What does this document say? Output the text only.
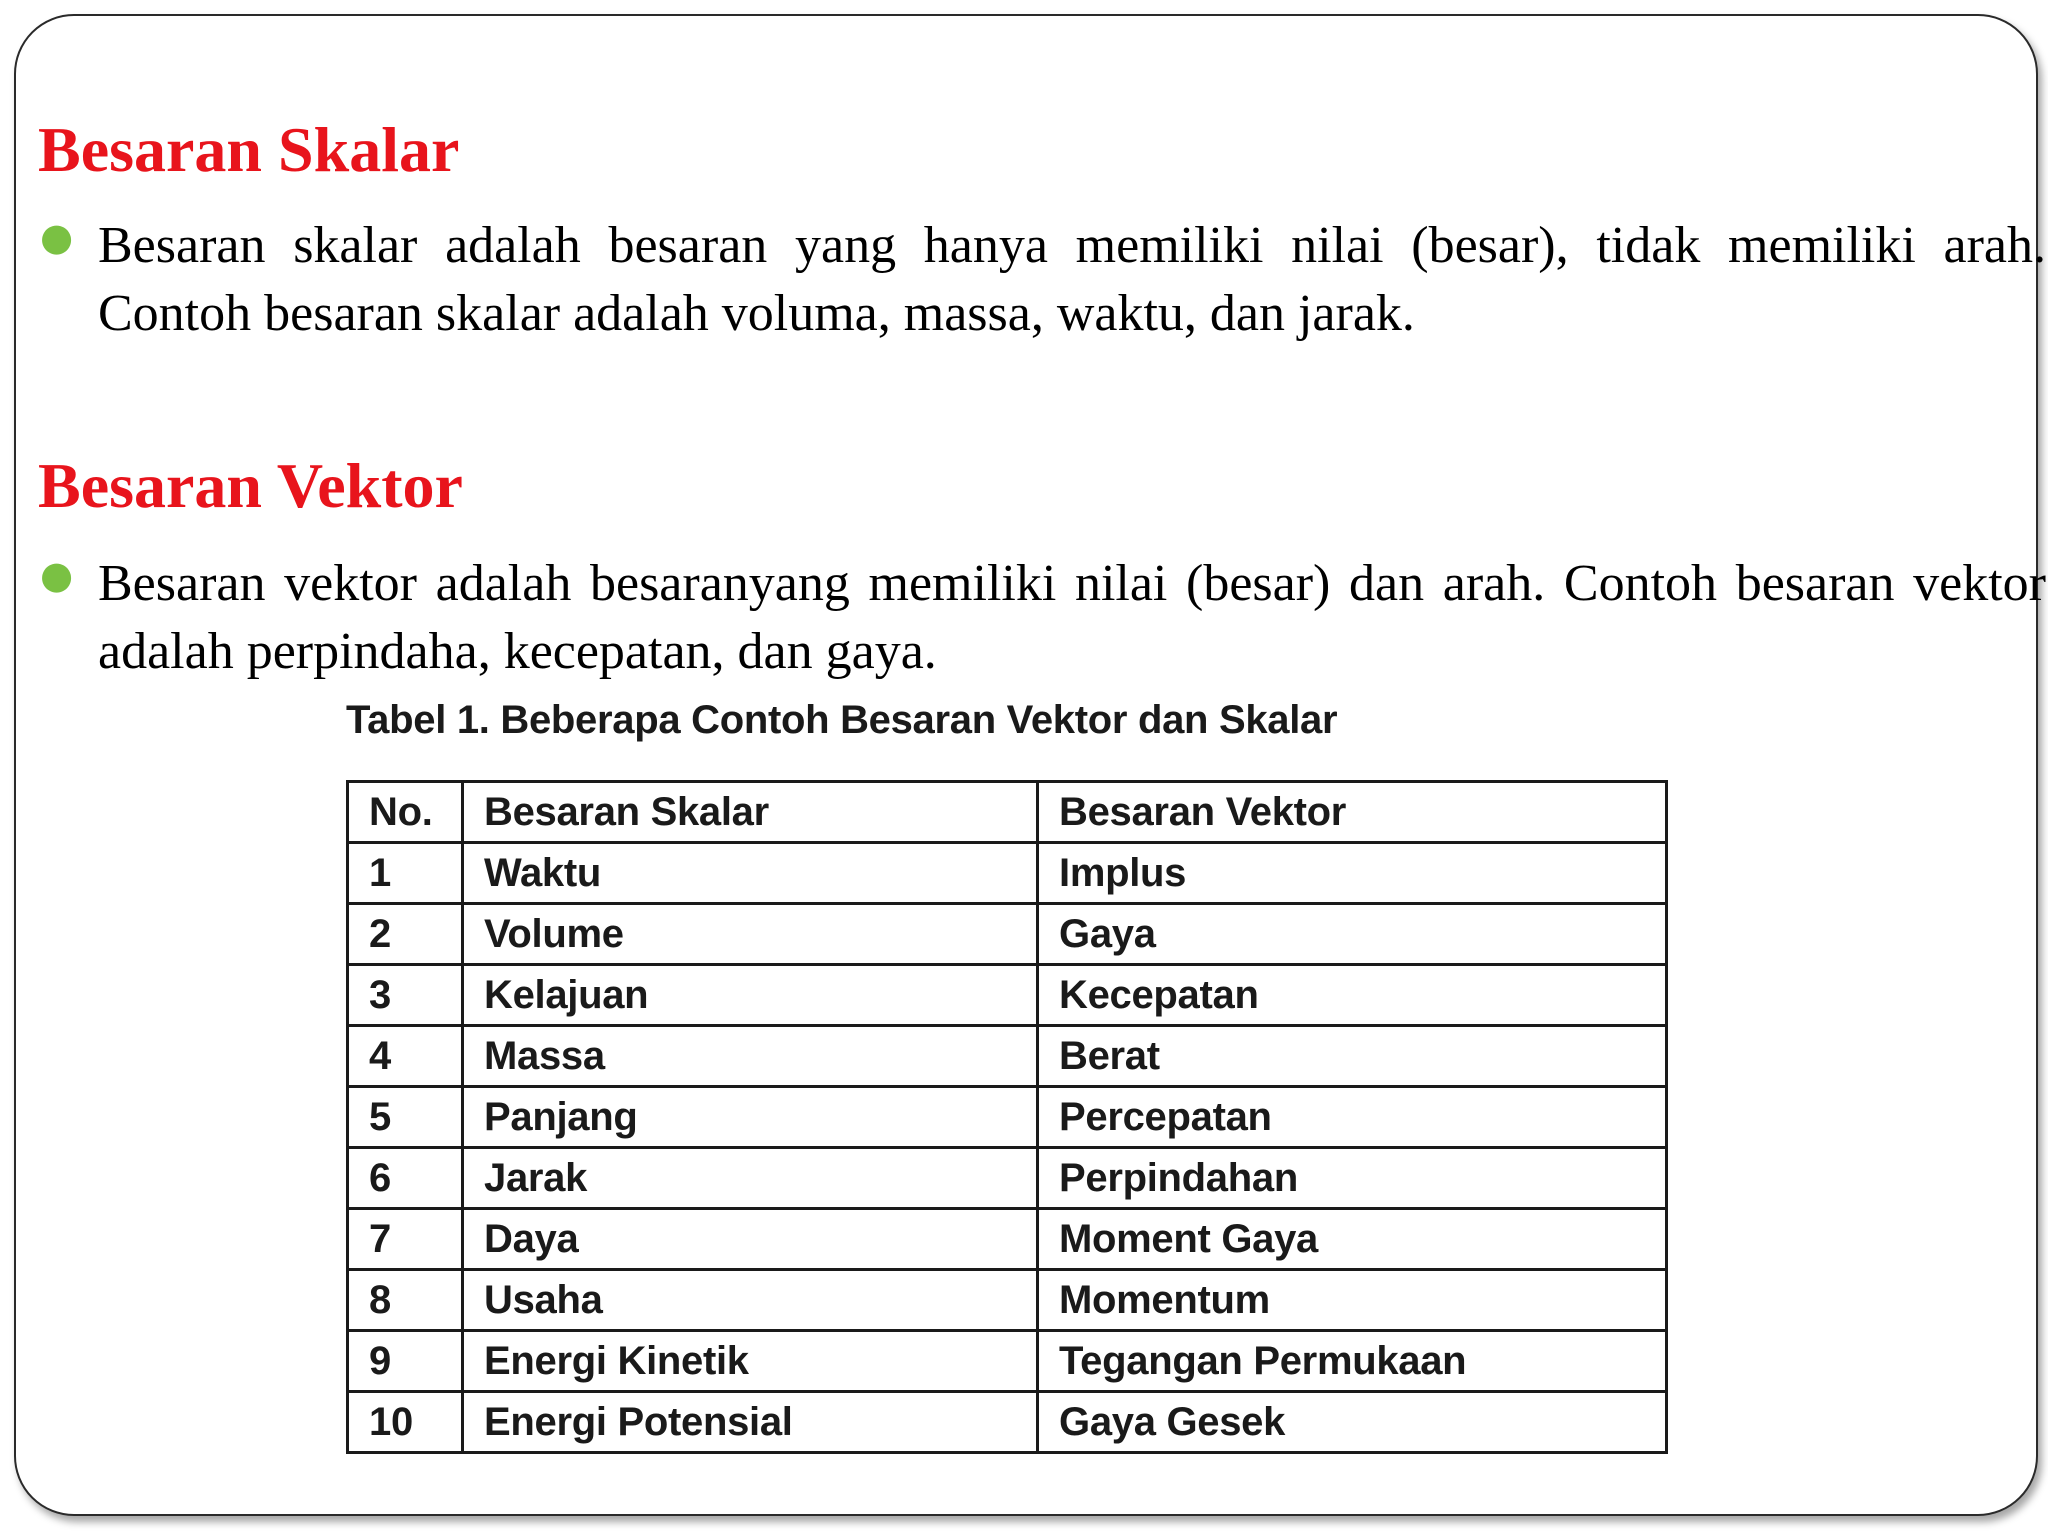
Besaran Skalar
● Besaran skalar adalah besaran yang hanya memiliki nilai (besar), tidak memiliki arah. Contoh besaran skalar adalah voluma, massa, waktu, dan jarak.

Besaran Vektor
● Besaran vektor adalah besaranyang memiliki nilai (besar) dan arah. Contoh besaran vektor adalah perpindaha, kecepatan, dan gaya.

Tabel 1. Beberapa Contoh Besaran Vektor dan Skalar

No.	Besaran Skalar	Besaran Vektor
1	Waktu	Implus
2	Volume	Gaya
3	Kelajuan	Kecepatan
4	Massa	Berat
5	Panjang	Percepatan
6	Jarak	Perpindahan
7	Daya	Moment Gaya
8	Usaha	Momentum
9	Energi Kinetik	Tegangan Permukaan
10	Energi Potensial	Gaya Gesek
